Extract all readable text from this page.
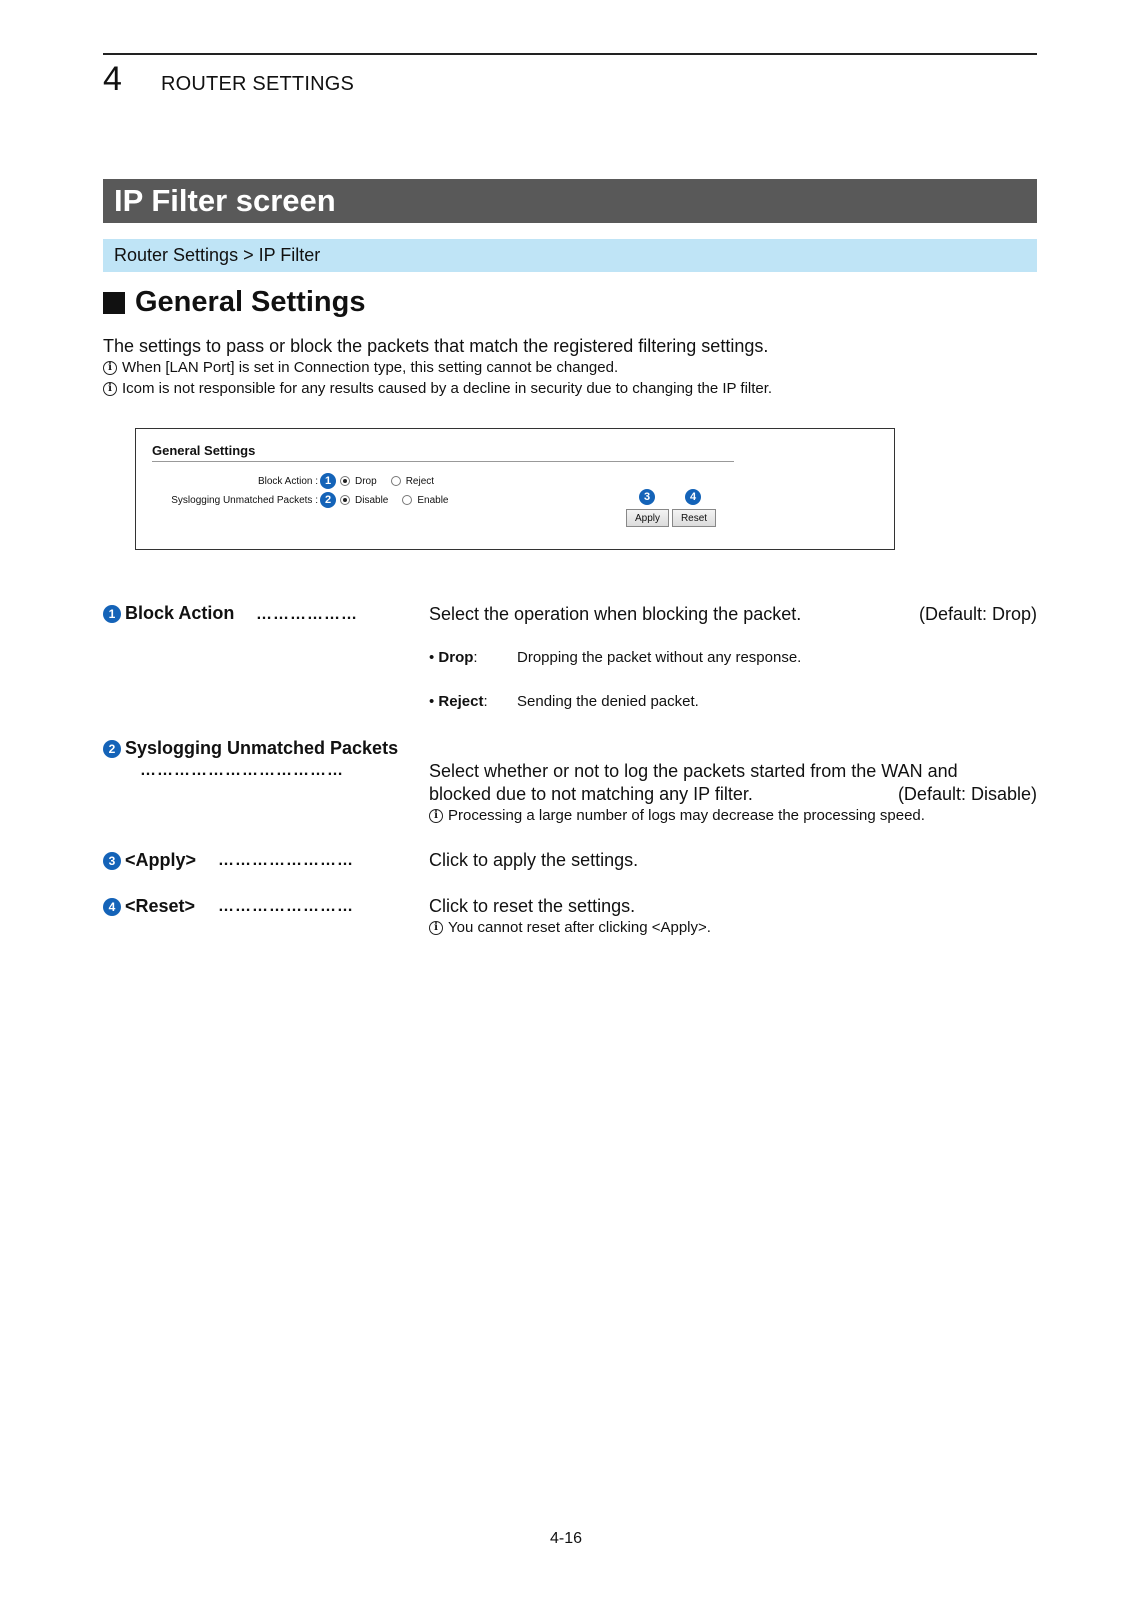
4	ROUTER SETTINGS
IP Filter screen
Router Settings > IP Filter
General Settings
The settings to pass or block the packets that match the registered filtering settings.
i When [LAN Port] is set in Connection type, this setting cannot be changed.
i Icom is not responsible for any results caused by a decline in security due to changing the IP filter.
General Settings
Block Action : 1	Drop	Reject
Syslogging Unmatched Packets : 2	Disable	Enable	3	4
Apply	Reset
1 Block Action ………………	Select the operation when blocking the packet.	(Default: Drop)
• Drop:	Dropping the packet without any response.
• Reject:	Sending the denied packet.
2 Syslogging Unmatched Packets
………………………………	Select whether or not to log the packets started from the WAN and
blocked due to not matching any IP filter.	(Default: Disable)
i Processing a large number of logs may decrease the processing speed.
3 <Apply> ……………………	Click to apply the settings.
4 <Reset> ……………………	Click to reset the settings.
i You cannot reset after clicking <Apply>.
4-16
